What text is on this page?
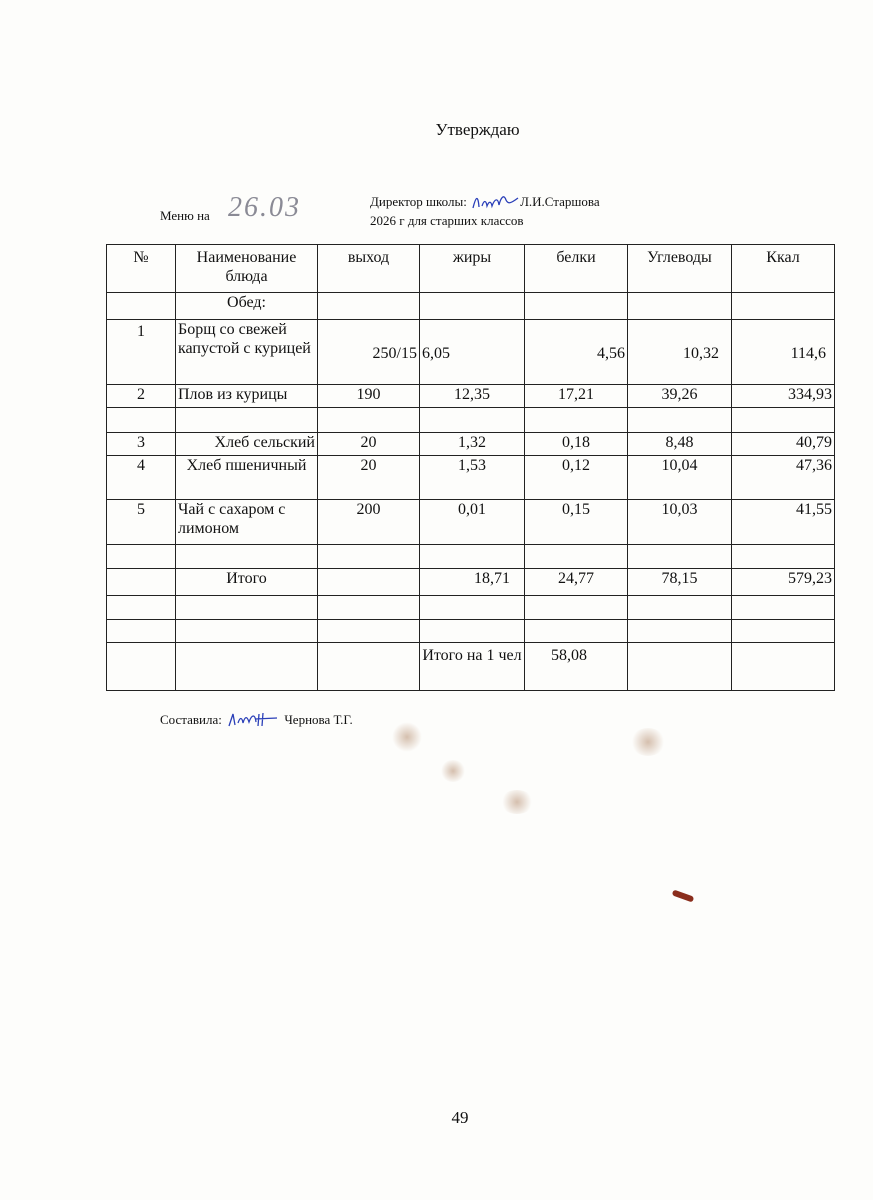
Утверждаю
Меню на 26.03	Директор школы:	Л.И.Старшова
2026 г для старших классов
№	Наименование блюда	выход	жиры	белки	Углеводы	Ккал
	Обед:					
1	Борщ со свежей капустой с курицей	250/15	6,05	4,56	10,32	114,6
2	Плов из курицы	190	12,35	17,21	39,26	334,93

3	Хлеб сельский	20	1,32	0,18	8,48	40,79
4	Хлеб пшеничный	20	1,53	0,12	10,04	47,36
5	Чай с сахаром с лимоном	200	0,01	0,15	10,03	41,55

	Итого		18,71	24,77	78,15	579,23

			Итого на 1 чел	58,08		
Составила:	Чернова Т.Г.
49
